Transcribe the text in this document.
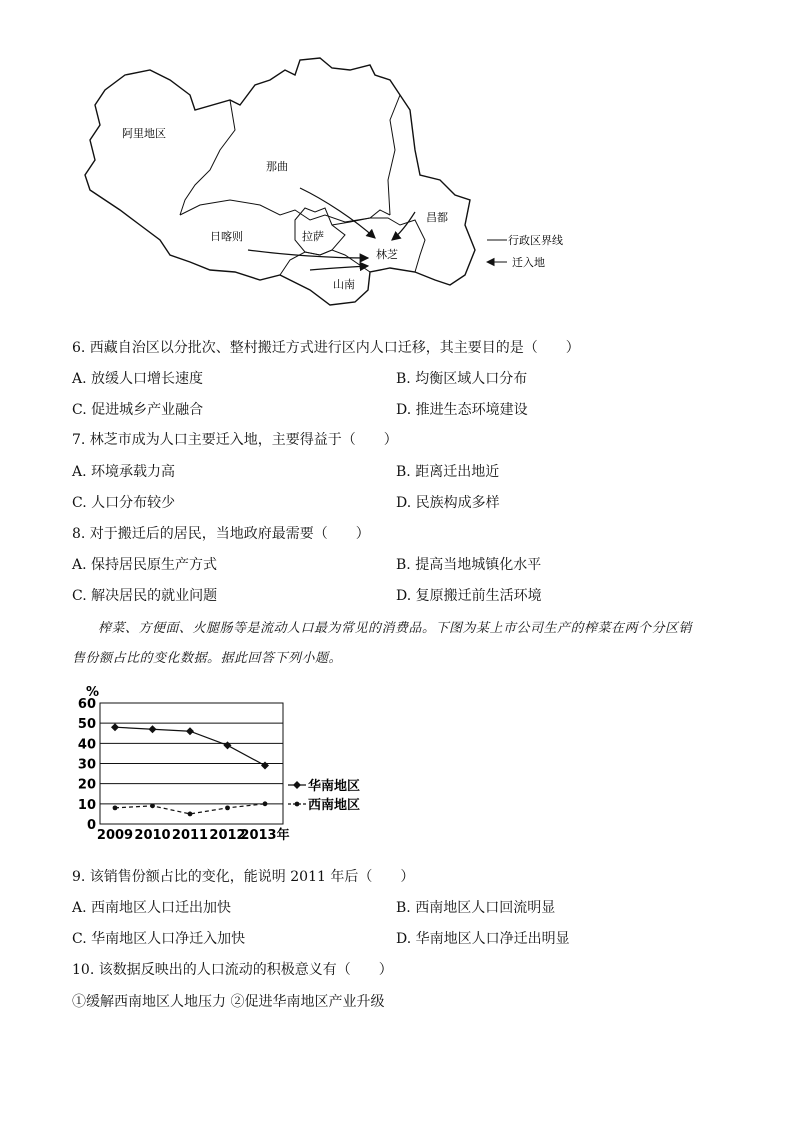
阿里地区
那曲
日喀则	拉萨
昌都
林芝
山南
行政区界线
迁入地
6. 西藏自治区以分批次、整村搬迁方式进行区内人口迁移，其主要目的是（　　）
A. 放缓人口增长速度	B. 均衡区域人口分布
C. 促进城乡产业融合	D. 推进生态环境建设
7. 林芝市成为人口主要迁入地，主要得益于（　　）
A. 环境承载力高	B. 距离迁出地近
C. 人口分布较少	D. 民族构成多样
8. 对于搬迁后的居民，当地政府最需要（　　）
A. 保持居民原生产方式	B. 提高当地城镇化水平
C. 解决居民的就业问题	D. 复原搬迁前生活环境
榨菜、方便面、火腿肠等是流动人口最为常见的消费品。下图为某上市公司生产的榨菜在两个分区销
售份额占比的变化数据。据此回答下列小题。
%
0
10
20
30
40
50
60
2009 2010 2011 2012
2013年
华南地区
西南地区
9. 该销售份额占比的变化，能说明 2011 年后（　　）
A. 西南地区人口迁出加快	B. 西南地区人口回流明显
C. 华南地区人口净迁入加快	D. 华南地区人口净迁出明显
10. 该数据反映出的人口流动的积极意义有（　　）
①缓解西南地区人地压力 ②促进华南地区产业升级
